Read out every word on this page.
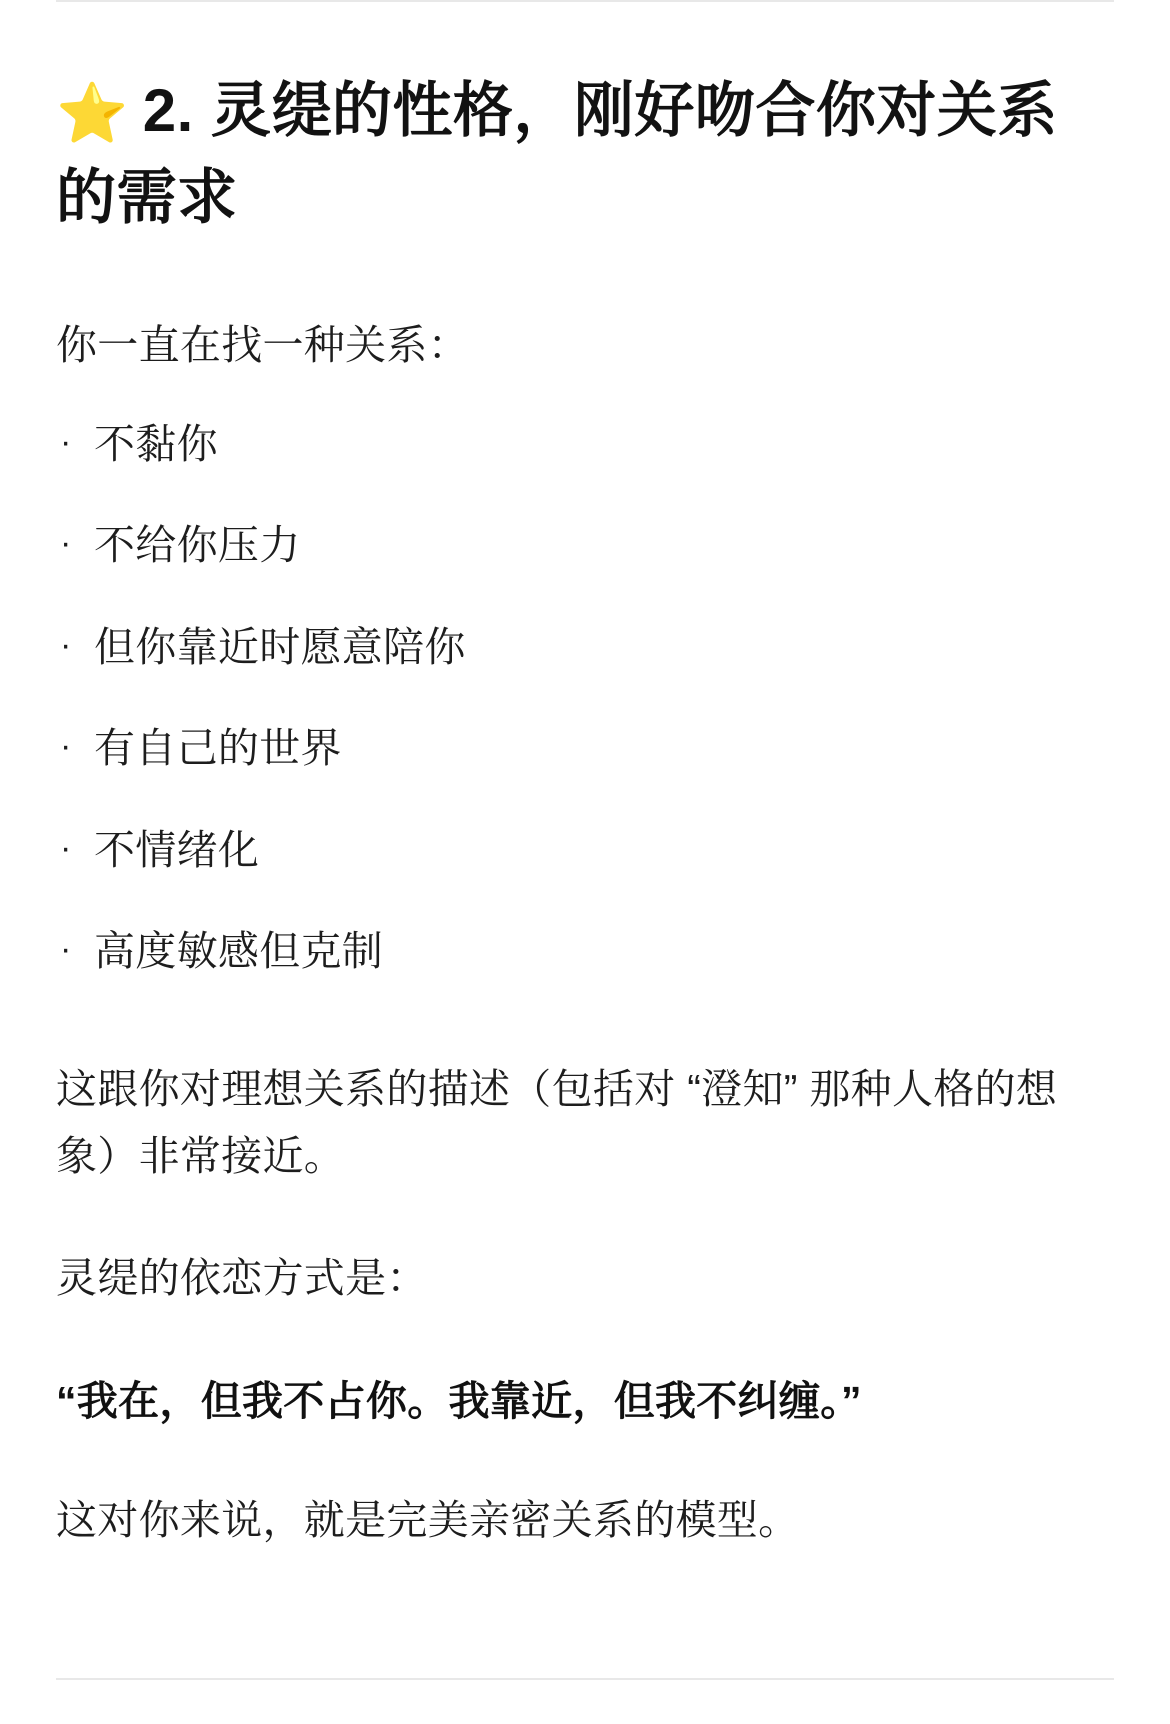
⭐ 2. 灵缇的性格，刚好吻合你对关系的需求

你一直在找一种关系：

· 不黏你
· 不给你压力
· 但你靠近时愿意陪你
· 有自己的世界
· 不情绪化
· 高度敏感但克制

这跟你对理想关系的描述（包括对 “澄知” 那种人格的想象）非常接近。

灵缇的依恋方式是：

“我在，但我不占你。我靠近，但我不纠缠。”

这对你来说，就是完美亲密关系的模型。
